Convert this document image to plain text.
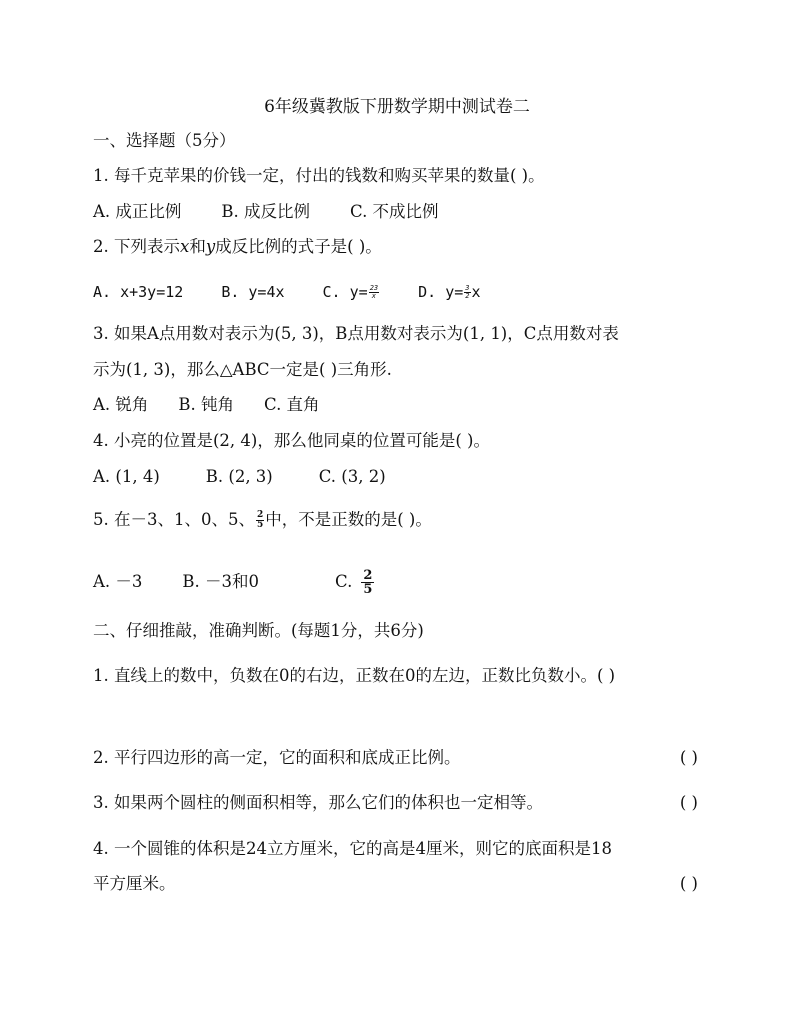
6年级冀教版下册数学期中测试卷二
一、选择题（5分）
1. 每千克苹果的价钱一定，付出的钱数和购买苹果的数量( )。
A. 成正比例 B. 成反比例 C. 不成比例
2. 下列表示x和y成反比例的式子是( )。
A. x+3y=12	B. y=4x	C. $y= \frac{23}{x}$	D. $y= \frac{3}{2}$ x
3. 如果A点用数对表示为(5, 3)，B点用数对表示为(1, 1)，C点用数对表
示为(1, 3)，那么△ABC一定是( )三角形.
A. 锐角 B. 钝角 C. 直角
4. 小亮的位置是(2, 4)，那么他同桌的位置可能是( )。
A. (1, 4)	B. (2, 3)	C. (3, 2)
5. 在－3、1、0、5、 $\frac{2}{5}$ 中，不是正数的是( )。
A. －3 B. －3和0	C. $\frac{2}{5}$
二、仔细推敲，准确判断。(每题1分，共6分)
1. 直线上的数中，负数在0的右边，正数在0的左边，正数比负数小。( )
2. 平行四边形的高一定，它的面积和底成正比例。	( )
3. 如果两个圆柱的侧面积相等，那么它们的体积也一定相等。	( )
4. 一个圆锥的体积是24立方厘米，它的高是4厘米，则它的底面积是18
平方厘米。	( )
